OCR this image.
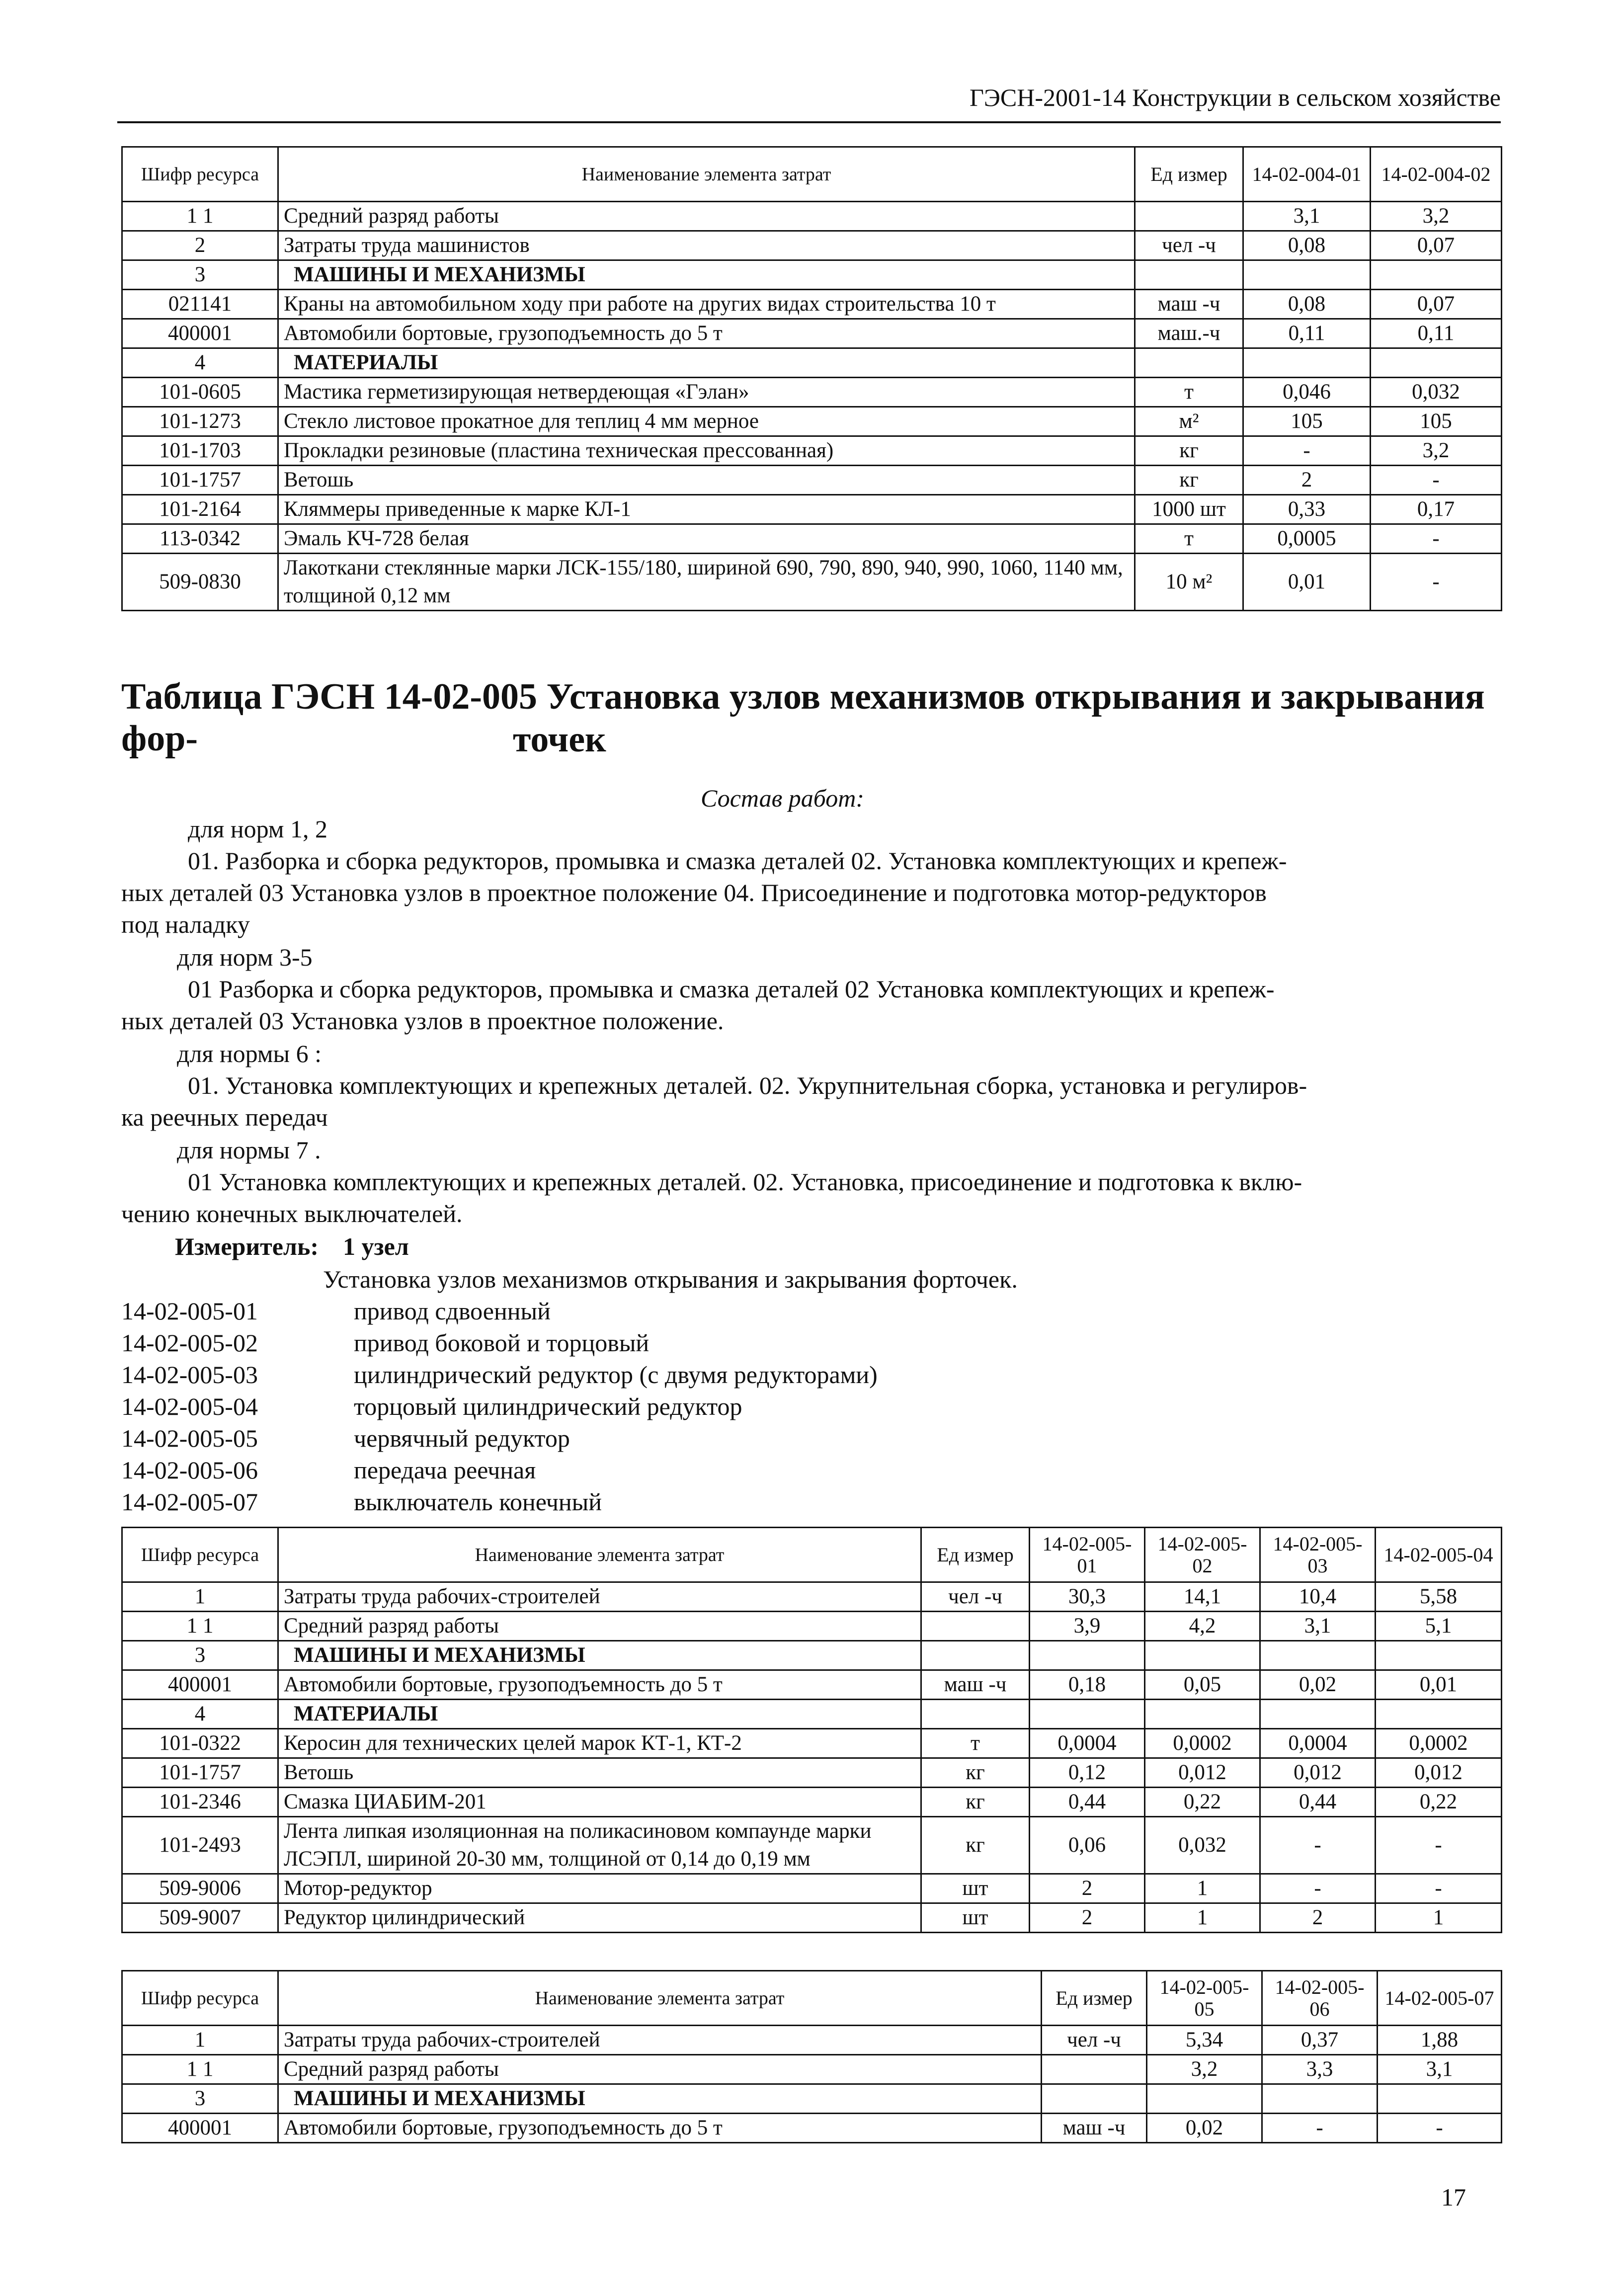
ГЭСН-2001-14 Конструкции в сельском хозяйстве
Шифр ресурса	Наименование элемента затрат	Ед измер	14-02-004-01	14-02-004-02
1 1	Средний разряд работы		3,1	3,2
2	Затраты труда машинистов	чел -ч	0,08	0,07
3	МАШИНЫ И МЕХАНИЗМЫ			
021141	Краны на автомобильном ходу при работе на других видах строительства 10 т	маш -ч	0,08	0,07
400001	Автомобили бортовые, грузоподъемность до 5 т	маш.-ч	0,11	0,11
4	МАТЕРИАЛЫ			
101-0605	Мастика герметизирующая нетвердеющая «Гэлан»	т	0,046	0,032
101-1273	Стекло листовое прокатное для теплиц 4 мм мерное	м²	105	105
101-1703	Прокладки резиновые (пластина техническая прессованная)	кг	-	3,2
101-1757	Ветошь	кг	2	-
101-2164	Кляммеры приведенные к марке КЛ-1	1000 шт	0,33	0,17
113-0342	Эмаль КЧ-728 белая	т	0,0005	-
509-0830	Лакоткани стеклянные марки ЛСК-155/180, шириной 690, 790, 890, 940, 990, 1060, 1140 мм, толщиной 0,12 мм	10 м²	0,01	-
Таблица ГЭСН 14-02-005 Установка узлов механизмов открывания и закрывания фор-	точек
Состав работ:
для норм 1, 2
01. Разборка и сборка редукторов, промывка и смазка деталей 02. Установка комплектующих и крепеж-
ных деталей 03 Установка узлов в проектное положение 04. Присоединение и подготовка мотор-редукторов
под наладку
для норм 3-5
01 Разборка и сборка редукторов, промывка и смазка деталей 02 Установка комплектующих и крепеж-
ных деталей 03 Установка узлов в проектное положение.
для нормы 6 :
01. Установка комплектующих и крепежных деталей. 02. Укрупнительная сборка, установка и регулиров-
ка реечных передач
для нормы 7 .
01 Установка комплектующих и крепежных деталей. 02. Установка, присоединение и подготовка к вклю-
чению конечных выключателей.
Измеритель: 1 узел
Установка узлов механизмов открывания и закрывания форточек.
14-02-005-01	привод сдвоенный
14-02-005-02	привод боковой и торцовый
14-02-005-03	цилиндрический редуктор (с двумя редукторами)
14-02-005-04	торцовый цилиндрический редуктор
14-02-005-05	червячный редуктор
14-02-005-06	передача реечная
14-02-005-07	выключатель конечный
Шифр ресурса	Наименование элемента затрат	Ед измер	14-02-005-01	14-02-005-02	14-02-005-03	14-02-005-04
1	Затраты труда рабочих-строителей	чел -ч	30,3	14,1	10,4	5,58
1 1	Средний разряд работы		3,9	4,2	3,1	5,1
3	МАШИНЫ И МЕХАНИЗМЫ					
400001	Автомобили бортовые, грузоподъемность до 5 т	маш -ч	0,18	0,05	0,02	0,01
4	МАТЕРИАЛЫ					
101-0322	Керосин для технических целей марок КТ-1, КТ-2	т	0,0004	0,0002	0,0004	0,0002
101-1757	Ветошь	кг	0,12	0,012	0,012	0,012
101-2346	Смазка ЦИАБИМ-201	кг	0,44	0,22	0,44	0,22
101-2493	Лента липкая изоляционная на поликасиновом компаунде марки ЛСЭПЛ, шириной 20-30 мм, толщиной от 0,14 до 0,19 мм	кг	0,06	0,032	-	-
509-9006	Мотор-редуктор	шт	2	1	-	-
509-9007	Редуктор цилиндрический	шт	2	1	2	1
Шифр ресурса	Наименование элемента затрат	Ед измер	14-02-005-05	14-02-005-06	14-02-005-07
1	Затраты труда рабочих-строителей	чел -ч	5,34	0,37	1,88
1 1	Средний разряд работы		3,2	3,3	3,1
3	МАШИНЫ И МЕХАНИЗМЫ				
400001	Автомобили бортовые, грузоподъемность до 5 т	маш -ч	0,02	-	-
17
